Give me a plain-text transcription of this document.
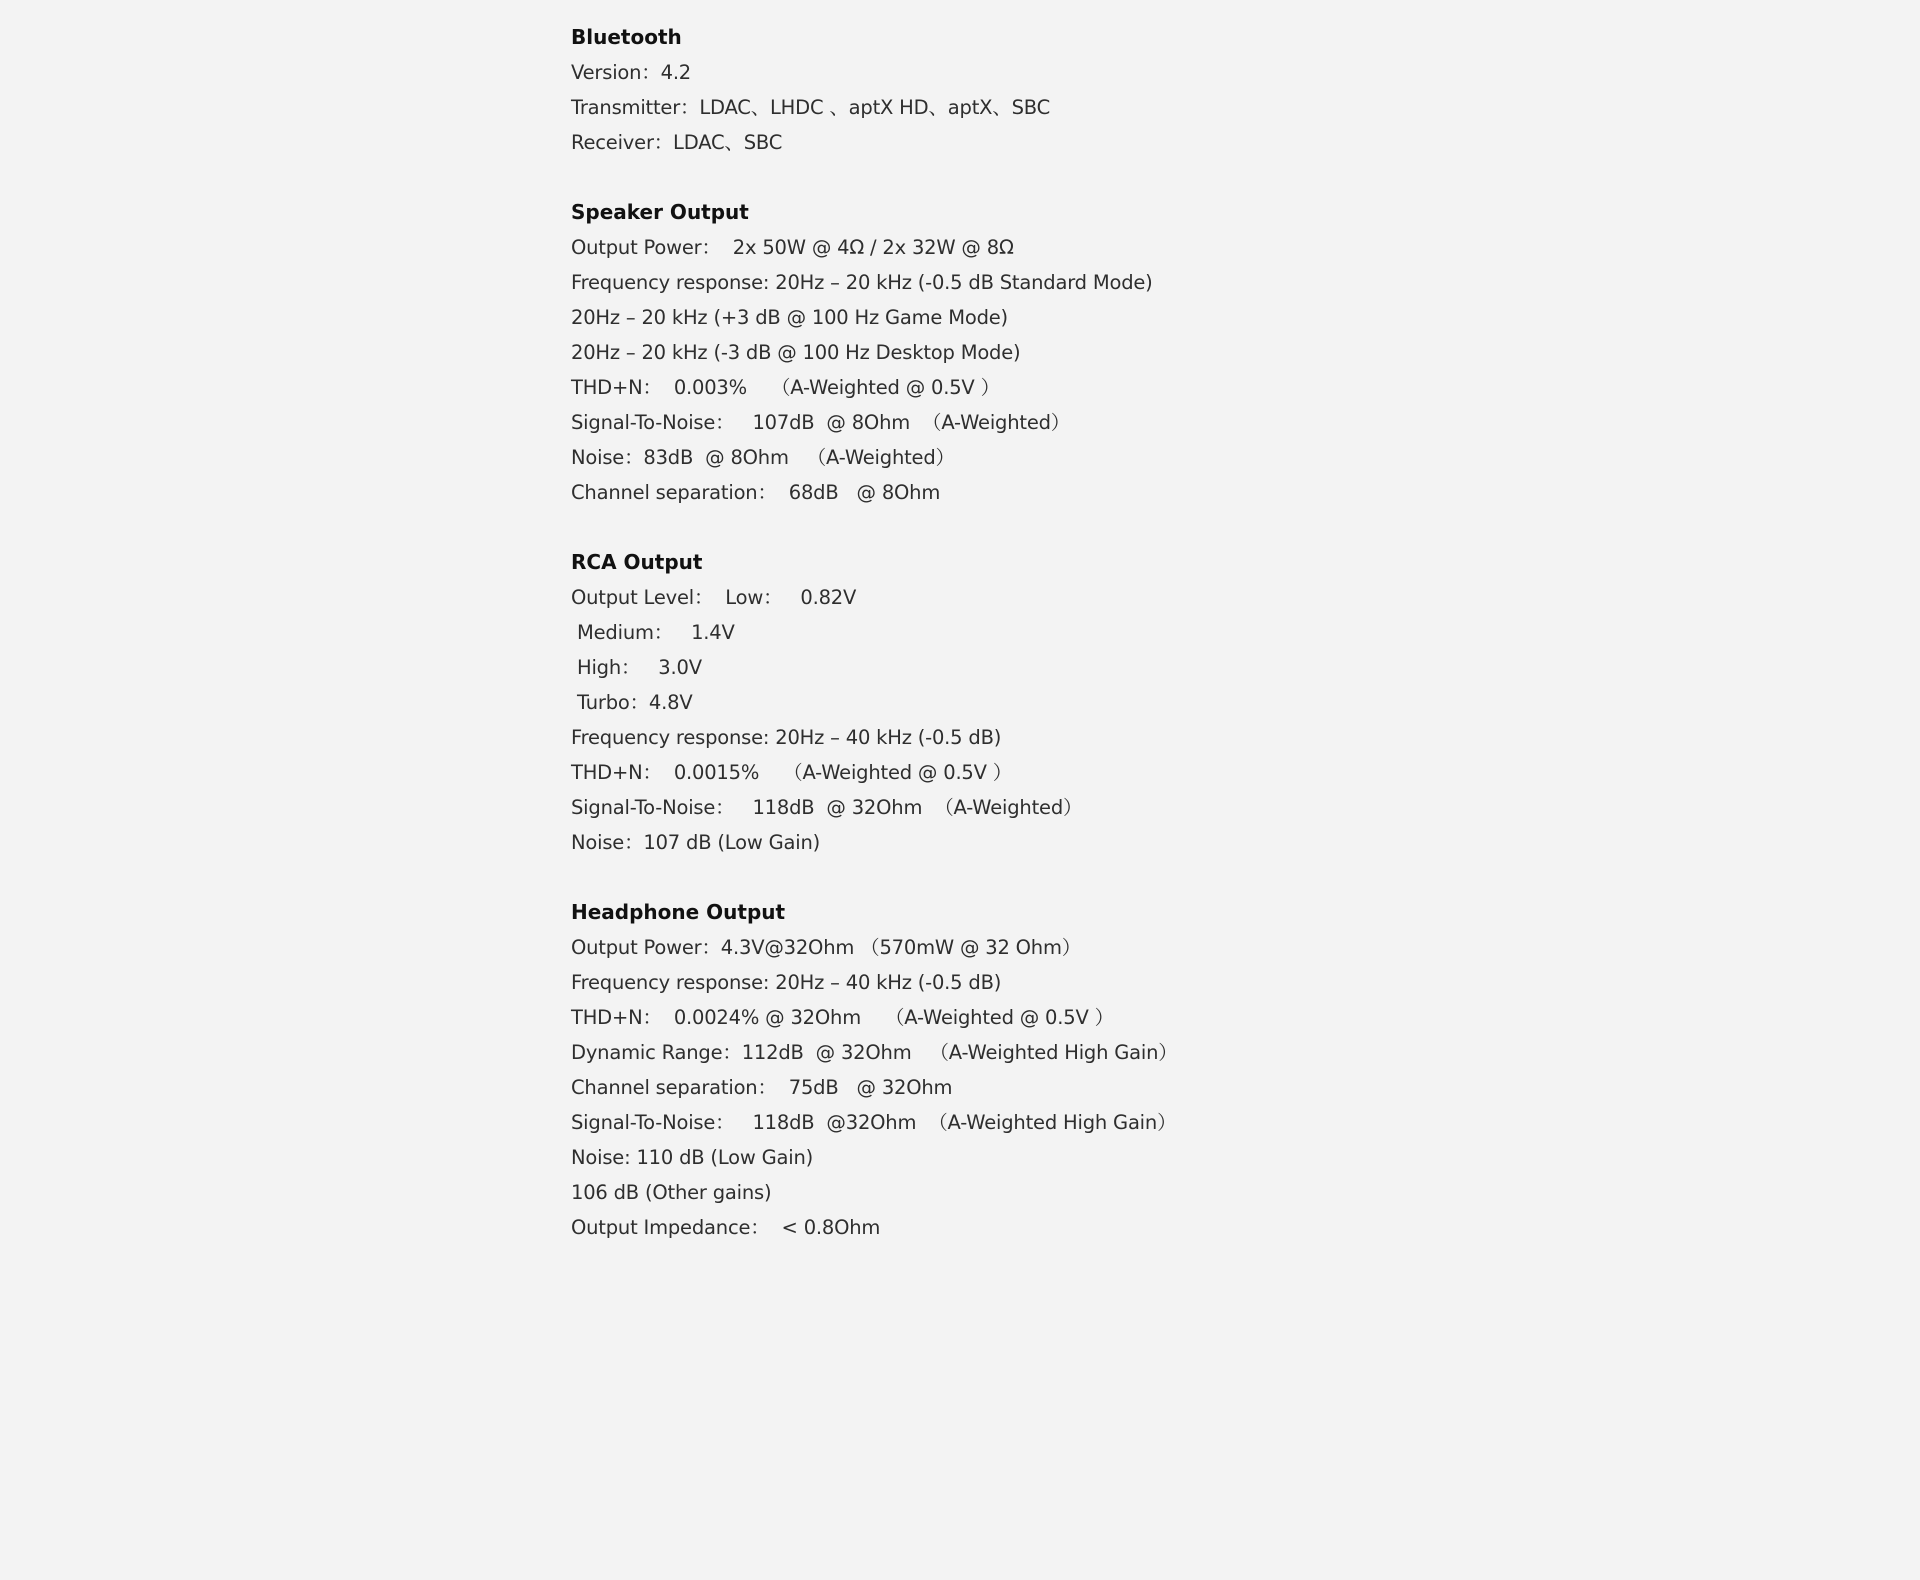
Bluetooth
Version：4.2
Transmitter：LDAC、LHDC 、aptX HD、aptX、SBC
Receiver：LDAC、SBC
Speaker Output
Output Power：  2x 50W @ 4Ω / 2x 32W @ 8Ω
Frequency response: 20Hz – 20 kHz (-0.5 dB Standard Mode)
20Hz – 20 kHz (+3 dB @ 100 Hz Game Mode)
20Hz – 20 kHz (-3 dB @ 100 Hz Desktop Mode)
THD+N：  0.003%    （A-Weighted @ 0.5V ）
Signal-To-Noise：   107dB  @ 8Ohm  （A-Weighted）
Noise：83dB  @ 8Ohm   （A-Weighted）
Channel separation：  68dB   @ 8Ohm
RCA Output
Output Level：  Low：   0.82V
Medium：   1.4V
High：   3.0V
Turbo：4.8V
Frequency response: 20Hz – 40 kHz (-0.5 dB)
THD+N：  0.0015%    （A-Weighted @ 0.5V ）
Signal-To-Noise：   118dB  @ 32Ohm  （A-Weighted）
Noise：107 dB (Low Gain)
Headphone Output
Output Power：4.3V@32Ohm （570mW @ 32 Ohm）
Frequency response: 20Hz – 40 kHz (-0.5 dB)
THD+N：  0.0024% @ 32Ohm    （A-Weighted @ 0.5V ）
Dynamic Range：112dB  @ 32Ohm   （A-Weighted High Gain）
Channel separation：  75dB   @ 32Ohm
Signal-To-Noise：   118dB  @32Ohm  （A-Weighted High Gain）
Noise: 110 dB (Low Gain)
106 dB (Other gains)
Output Impedance：  < 0.8Ohm
